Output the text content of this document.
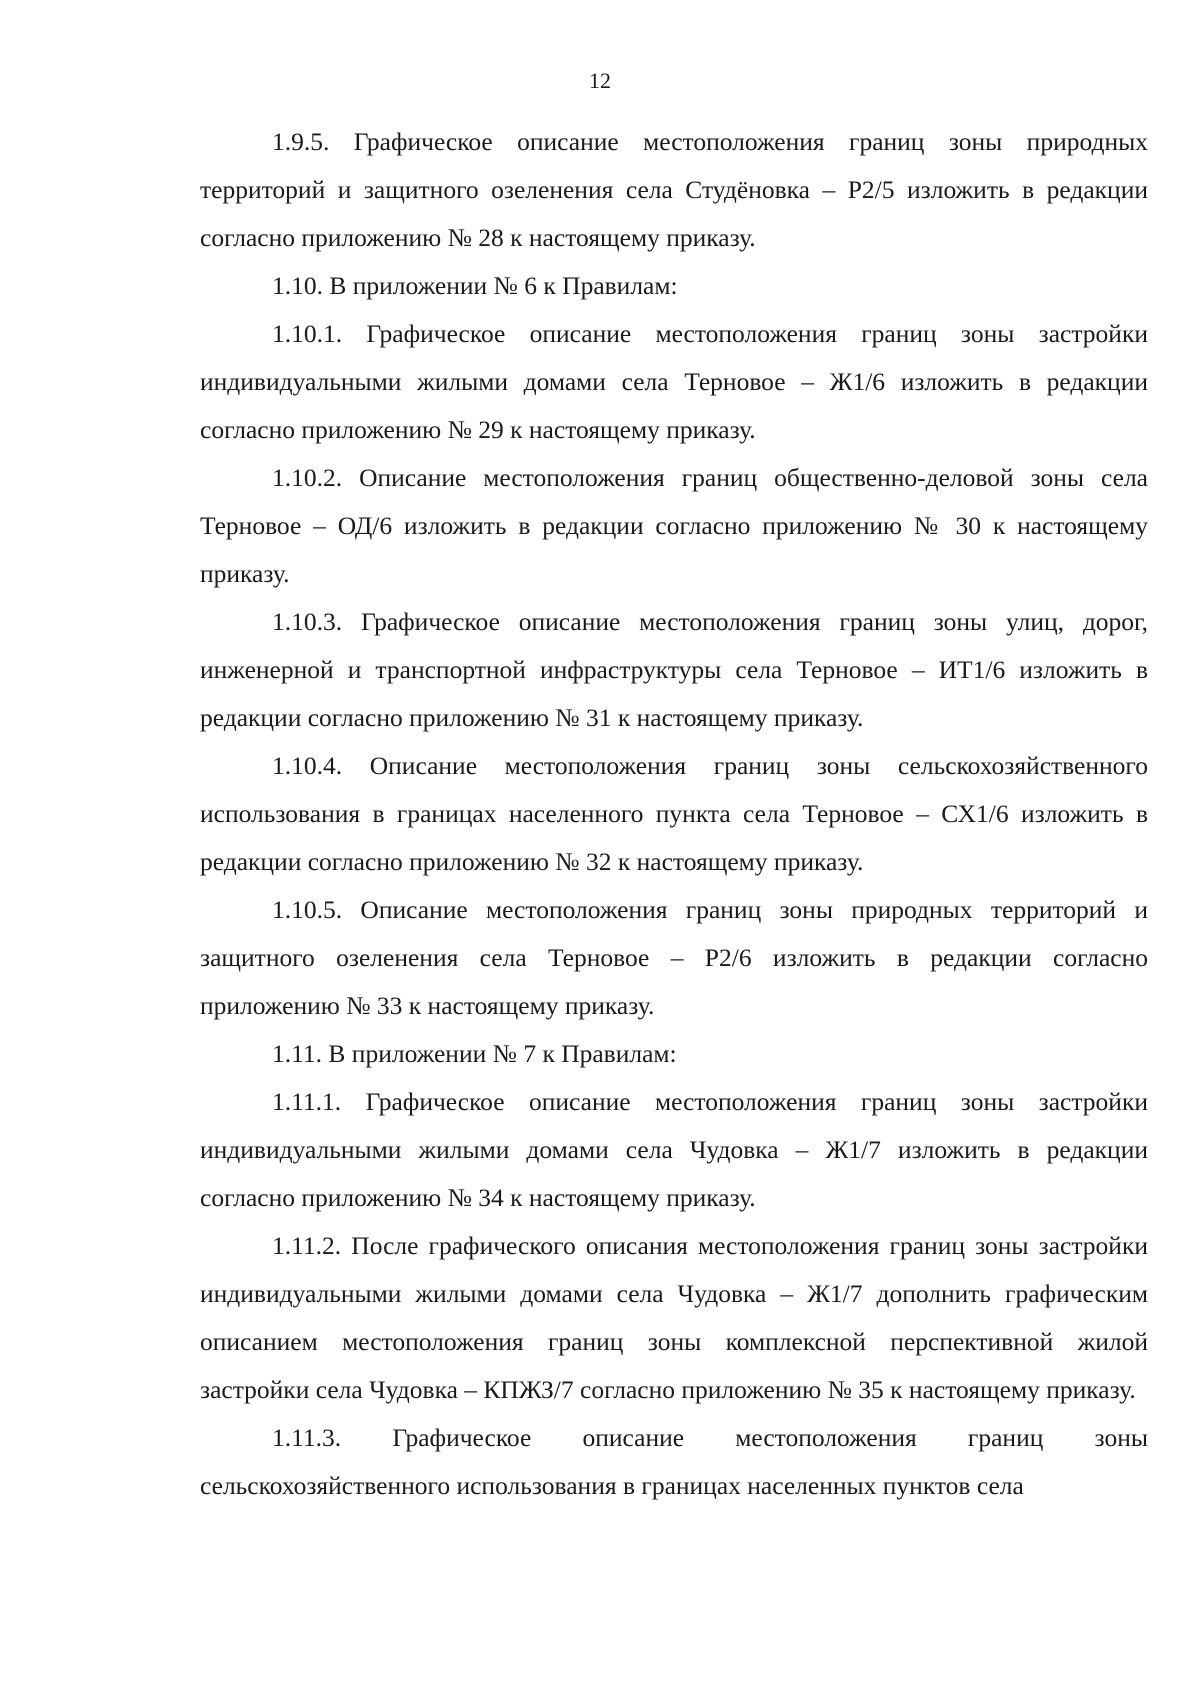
12

1.9.5. Графическое описание местоположения границ зоны природных территорий и защитного озеленения села Студёновка – Р2/5 изложить в редакции согласно приложению № 28 к настоящему приказу.

1.10. В приложении № 6 к Правилам:

1.10.1. Графическое описание местоположения границ зоны застройки индивидуальными жилыми домами села Терновое – Ж1/6 изложить в редакции согласно приложению № 29 к настоящему приказу.

1.10.2. Описание местоположения границ общественно-деловой зоны села Терновое – ОД/6 изложить в редакции согласно приложению № 30 к настоящему приказу.

1.10.3. Графическое описание местоположения границ зоны улиц, дорог, инженерной и транспортной инфраструктуры села Терновое – ИТ1/6 изложить в редакции согласно приложению № 31 к настоящему приказу.

1.10.4. Описание местоположения границ зоны сельскохозяйственного использования в границах населенного пункта села Терновое – СХ1/6 изложить в редакции согласно приложению № 32 к настоящему приказу.

1.10.5. Описание местоположения границ зоны природных территорий и защитного озеленения села Терновое – Р2/6 изложить в редакции согласно приложению № 33 к настоящему приказу.

1.11. В приложении № 7 к Правилам:

1.11.1. Графическое описание местоположения границ зоны застройки индивидуальными жилыми домами села Чудовка – Ж1/7 изложить в редакции согласно приложению № 34 к настоящему приказу.

1.11.2. После графического описания местоположения границ зоны застройки индивидуальными жилыми домами села Чудовка – Ж1/7 дополнить графическим описанием местоположения границ зоны комплексной перспективной жилой застройки села Чудовка – КПЖЗ/7 согласно приложению № 35 к настоящему приказу.

1.11.3. Графическое описание местоположения границ зоны сельскохозяйственного использования в границах населенных пунктов села
